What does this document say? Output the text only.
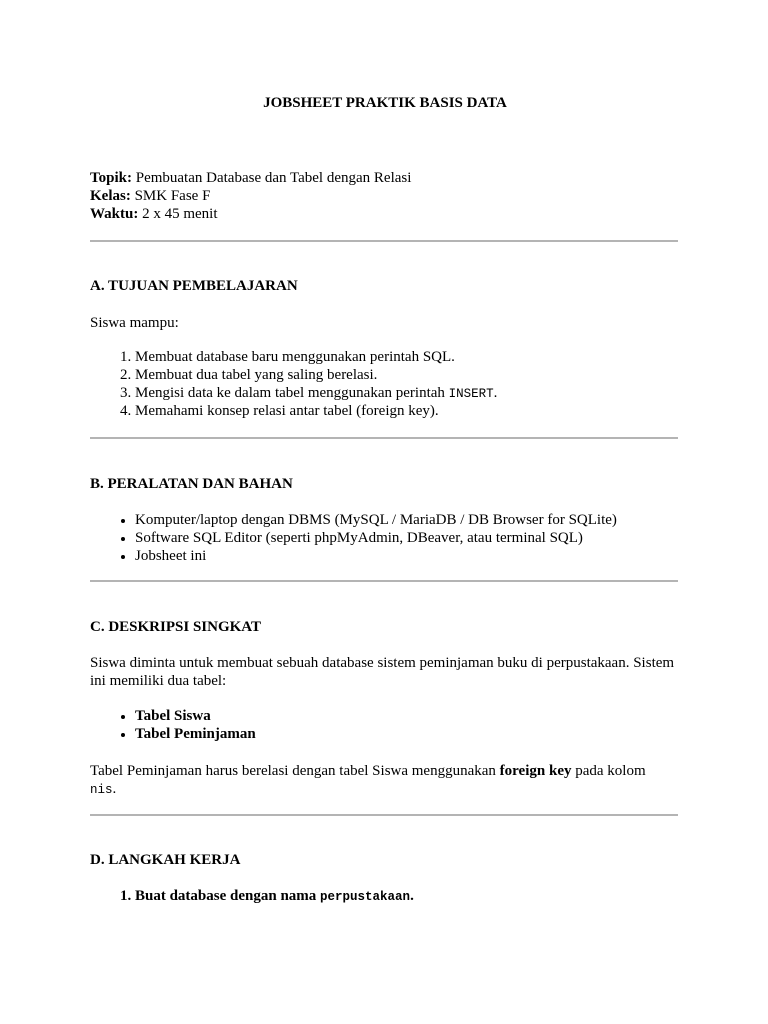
JOBSHEET PRAKTIK BASIS DATA
Topik: Pembuatan Database dan Tabel dengan Relasi
Kelas: SMK Fase F
Waktu: 2 x 45 menit
A. TUJUAN PEMBELAJARAN
Siswa mampu:
1. Membuat database baru menggunakan perintah SQL.
2. Membuat dua tabel yang saling berelasi.
3. Mengisi data ke dalam tabel menggunakan perintah INSERT.
4. Memahami konsep relasi antar tabel (foreign key).
B. PERALATAN DAN BAHAN
• Komputer/laptop dengan DBMS (MySQL / MariaDB / DB Browser for SQLite)
• Software SQL Editor (seperti phpMyAdmin, DBeaver, atau terminal SQL)
• Jobsheet ini
C. DESKRIPSI SINGKAT
Siswa diminta untuk membuat sebuah database sistem peminjaman buku di perpustakaan. Sistem
ini memiliki dua tabel:
• Tabel Siswa
• Tabel Peminjaman
Tabel Peminjaman harus berelasi dengan tabel Siswa menggunakan foreign key pada kolom
nis.
D. LANGKAH KERJA
1. Buat database dengan nama perpustakaan.
